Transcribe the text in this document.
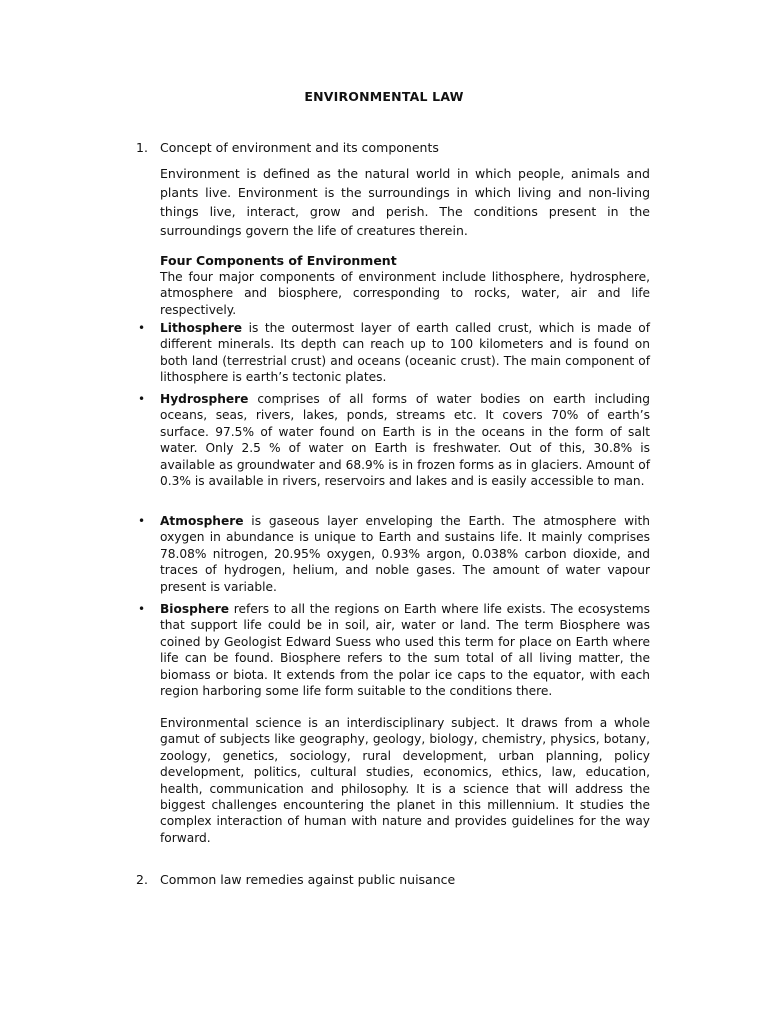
ENVIRONMENTAL LAW
1. Concept of environment and its components
Environment is defined as the natural world in which people, animals and plants live. Environment is the surroundings in which living and non-living things live, interact, grow and perish. The conditions present in the surroundings govern the life of creatures therein.
Four Components of Environment
The four major components of environment include lithosphere, hydrosphere, atmosphere and biosphere, corresponding to rocks, water, air and life respectively.
• Lithosphere is the outermost layer of earth called crust, which is made of different minerals. Its depth can reach up to 100 kilometers and is found on both land (terrestrial crust) and oceans (oceanic crust). The main component of lithosphere is earth’s tectonic plates.
• Hydrosphere comprises of all forms of water bodies on earth including oceans, seas, rivers, lakes, ponds, streams etc. It covers 70% of earth’s surface. 97.5% of water found on Earth is in the oceans in the form of salt water. Only 2.5 % of water on Earth is freshwater. Out of this, 30.8% is available as groundwater and 68.9% is in frozen forms as in glaciers. Amount of 0.3% is available in rivers, reservoirs and lakes and is easily accessible to man.
• Atmosphere is gaseous layer enveloping the Earth. The atmosphere with oxygen in abundance is unique to Earth and sustains life. It mainly comprises 78.08% nitrogen, 20.95% oxygen, 0.93% argon, 0.038% carbon dioxide, and traces of hydrogen, helium, and noble gases. The amount of water vapour present is variable.
• Biosphere refers to all the regions on Earth where life exists. The ecosystems that support life could be in soil, air, water or land. The term Biosphere was coined by Geologist Edward Suess who used this term for place on Earth where life can be found. Biosphere refers to the sum total of all living matter, the biomass or biota. It extends from the polar ice caps to the equator, with each region harboring some life form suitable to the conditions there.
Environmental science is an interdisciplinary subject. It draws from a whole gamut of subjects like geography, geology, biology, chemistry, physics, botany, zoology, genetics, sociology, rural development, urban planning, policy development, politics, cultural studies, economics, ethics, law, education, health, communication and philosophy. It is a science that will address the biggest challenges encountering the planet in this millennium. It studies the complex interaction of human with nature and provides guidelines for the way forward.
2. Common law remedies against public nuisance
